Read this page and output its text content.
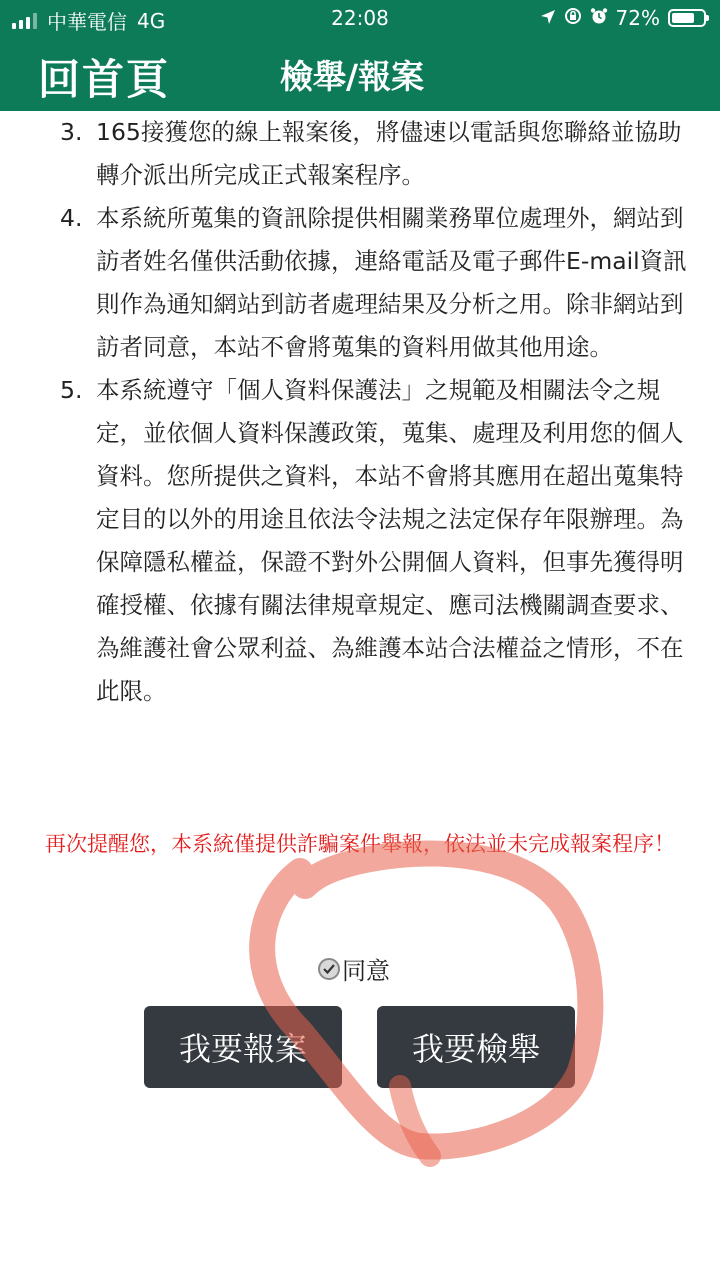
中華電信 4G	22:08	72%
回首頁	檢舉/報案

3. 165接獲您的線上報案後，將儘速以電話與您聯絡並協助轉介派出所完成正式報案程序。

4. 本系統所蒐集的資訊除提供相關業務單位處理外，網站到訪者姓名僅供活動依據，連絡電話及電子郵件E-mail資訊則作為通知網站到訪者處理結果及分析之用。除非網站到訪者同意，本站不會將蒐集的資料用做其他用途。

5. 本系統遵守「個人資料保護法」之規範及相關法令之規定，並依個人資料保護政策，蒐集、處理及利用您的個人資料。您所提供之資料，本站不會將其應用在超出蒐集特定目的以外的用途且依法令法規之法定保存年限辦理。為保障隱私權益，保證不對外公開個人資料，但事先獲得明確授權、依據有關法律規章規定、應司法機關調查要求、為維護社會公眾利益、為維護本站合法權益之情形，不在此限。

再次提醒您，本系統僅提供詐騙案件舉報，依法並未完成報案程序！
同意
我要報案	我要檢舉
